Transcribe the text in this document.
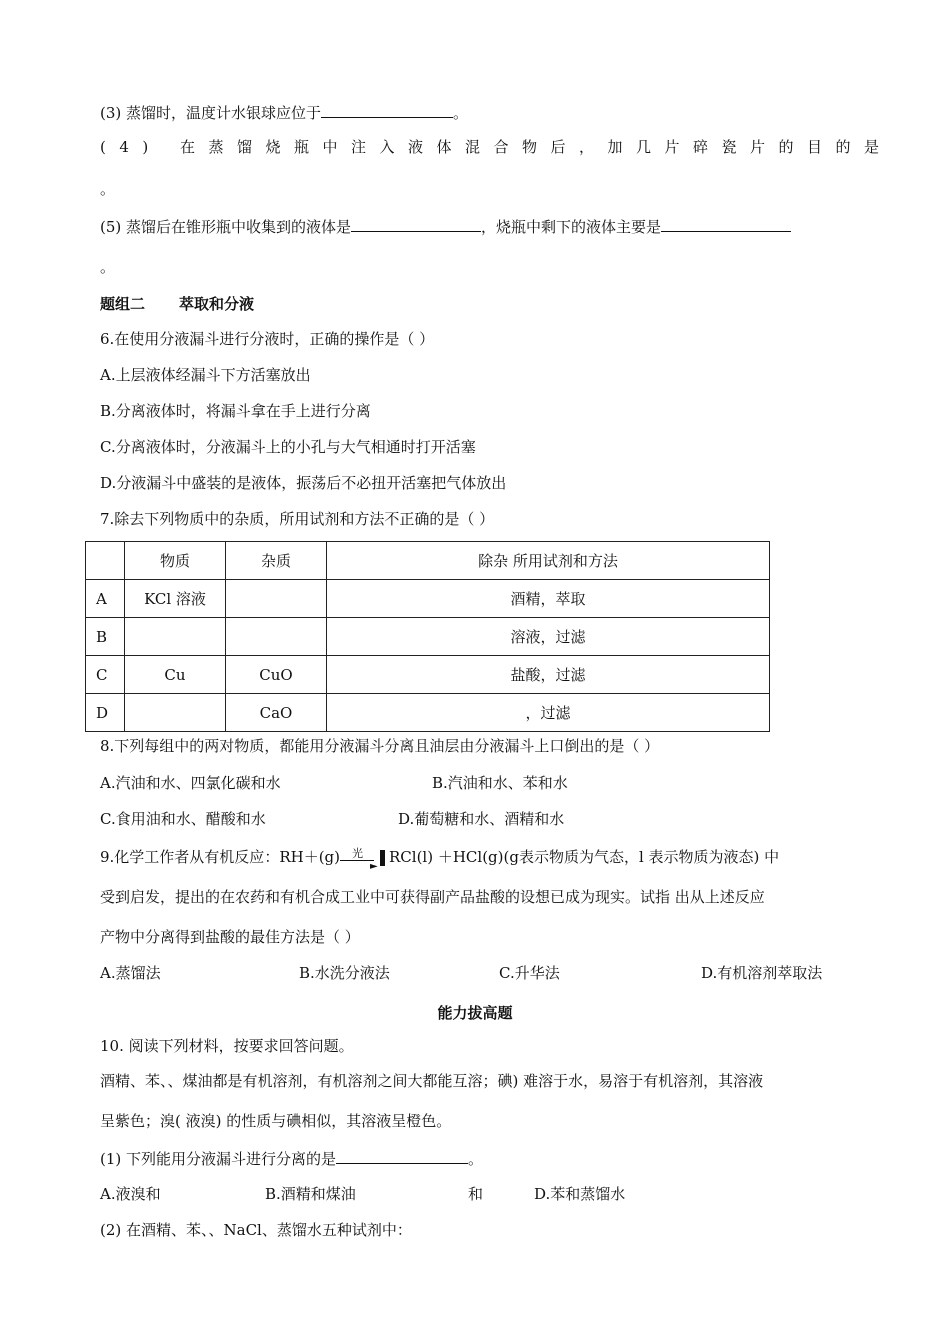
(3) 蒸馏时，温度计水银球应位于	。
(4) 在蒸馏烧瓶中注入液体混合物后，加几片碎瓷片的目的是
。
(5) 蒸馏后在锥形瓶中收集到的液体是	，烧瓶中剩下的液体主要是
。
题组二 萃取和分液
6.在使用分液漏斗进行分液时，正确的操作是（ ）
A.上层液体经漏斗下方活塞放出
B.分离液体时，将漏斗拿在手上进行分离
C.分离液体时，分液漏斗上的小孔与大气相通时打开活塞
D.分液漏斗中盛装的是液体，振荡后不必扭开活塞把气体放出
7.除去下列物质中的杂质，所用试剂和方法不正确的是（ ）
	物质	杂质	除杂 所用试剂和方法
A	KCl 溶液		酒精，萃取
B			溶液，过滤
C	Cu	CuO	盐酸，过滤
D		CaO	，过滤
8.下列每组中的两对物质，都能用分液漏斗分离且油层由分液漏斗上口倒出的是（ ）
A.汽油和水、四氯化碳和水	B.汽油和水、苯和水
C.食用油和水、醋酸和水	D.葡萄糖和水、酒精和水
9.化学工作者从有机反应：RH＋(g) 光
►
RCl(l) ＋HCl(g)(g表示物质为气态，l 表示物质为液态) 中
受到启发，提出的在农药和有机合成工业中可获得副产品盐酸的设想已成为现实。试指 出从上述反应
产物中分离得到盐酸的最佳方法是（ ）
A.蒸馏法	B.水洗分液法	C.升华法	D.有机溶剂萃取法
能力拔高题
10. 阅读下列材料，按要求回答问题。
酒精、苯、、煤油都是有机溶剂，有机溶剂之间大都能互溶；碘) 难溶于水，易溶于有机溶剂，其溶液
呈紫色；溴( 液溴) 的性质与碘相似，其溶液呈橙色。
(1) 下列能用分液漏斗进行分离的是	。
A.液溴和	B.酒精和煤油	和	D.苯和蒸馏水
(2) 在酒精、苯、、NaCl、蒸馏水五种试剂中：
